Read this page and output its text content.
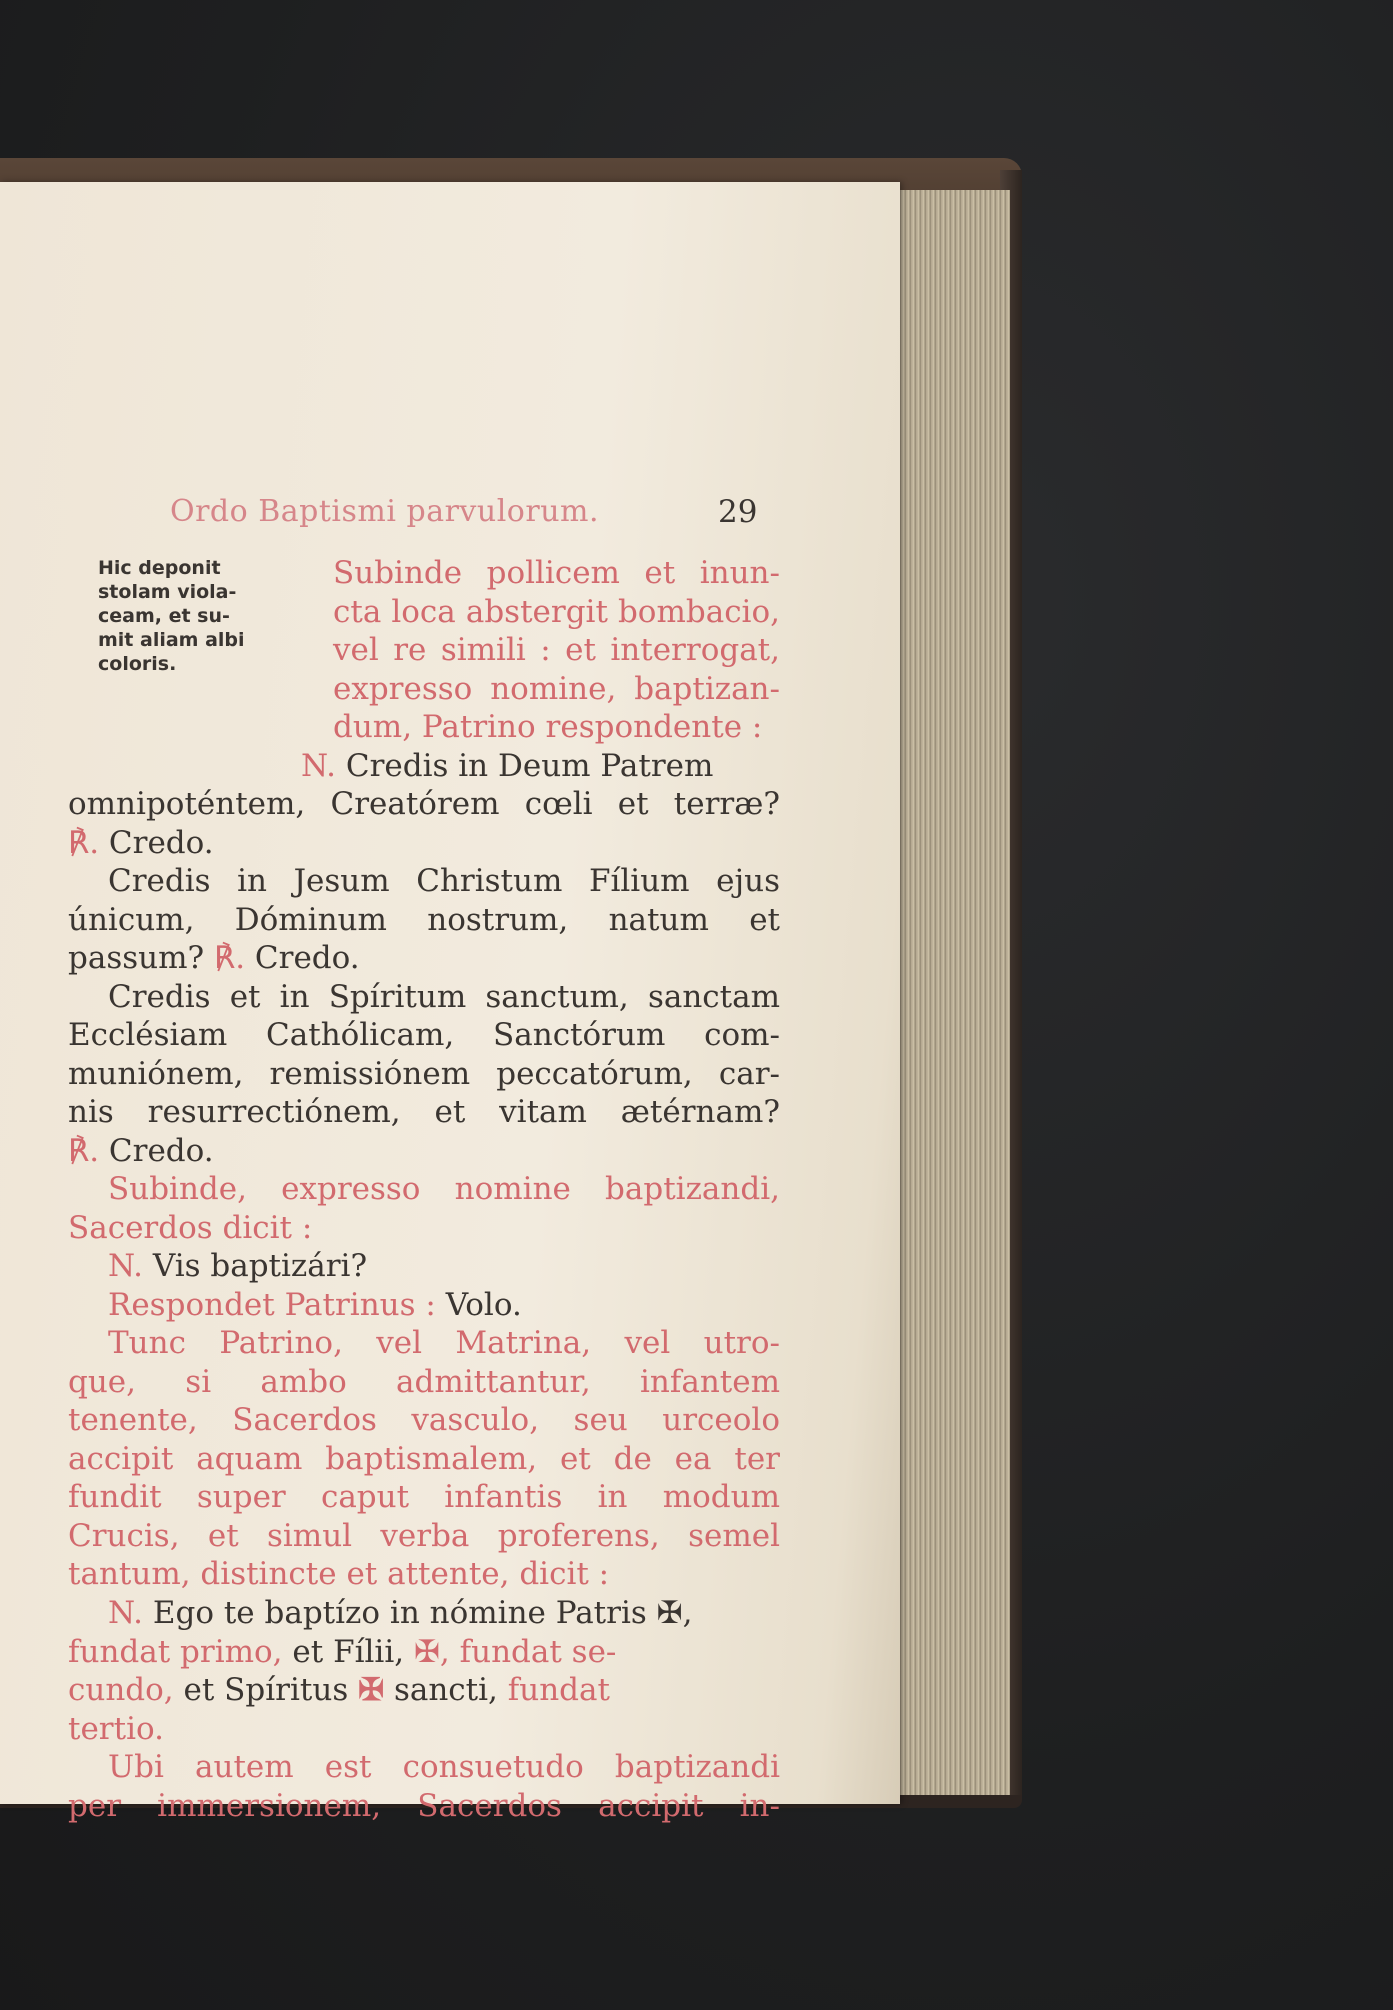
Ordo Baptismi parvulorum.	29
Hic deponit
stolam viola-
ceam, et su-
mit aliam albi
coloris.
Subinde pollicem et inun-
cta loca abstergit bombacio,
vel re simili : et interrogat,
expresso nomine, baptizan-
dum, Patrino respondente :
N. Credis in Deum Patrem
omnipoténtem, Creatórem cœli et terræ?
℟. Credo.
Credis in Jesum Christum Fílium ejus
únicum, Dóminum nostrum, natum et
passum? ℟. Credo.
Credis et in Spíritum sanctum, sanctam
Ecclésiam Cathólicam, Sanctórum com-
muniónem, remissiónem peccatórum, car-
nis resurrectiónem, et vitam ætérnam?
℟. Credo.
Subinde, expresso nomine baptizandi,
Sacerdos dicit :
N. Vis baptizári?
Respondet Patrinus : Volo.
Tunc Patrino, vel Matrina, vel utro-
que, si ambo admittantur, infantem
tenente, Sacerdos vasculo, seu urceolo
accipit aquam baptismalem, et de ea ter
fundit super caput infantis in modum
Crucis, et simul verba proferens, semel
tantum, distincte et attente, dicit :
N. Ego te baptízo in nómine Patris ✠,
fundat primo, et Fílii, ✠, fundat se-
cundo, et Spíritus ✠ sancti, fundat
tertio.
Ubi autem est consuetudo baptizandi
per immersionem, Sacerdos accipit in-
